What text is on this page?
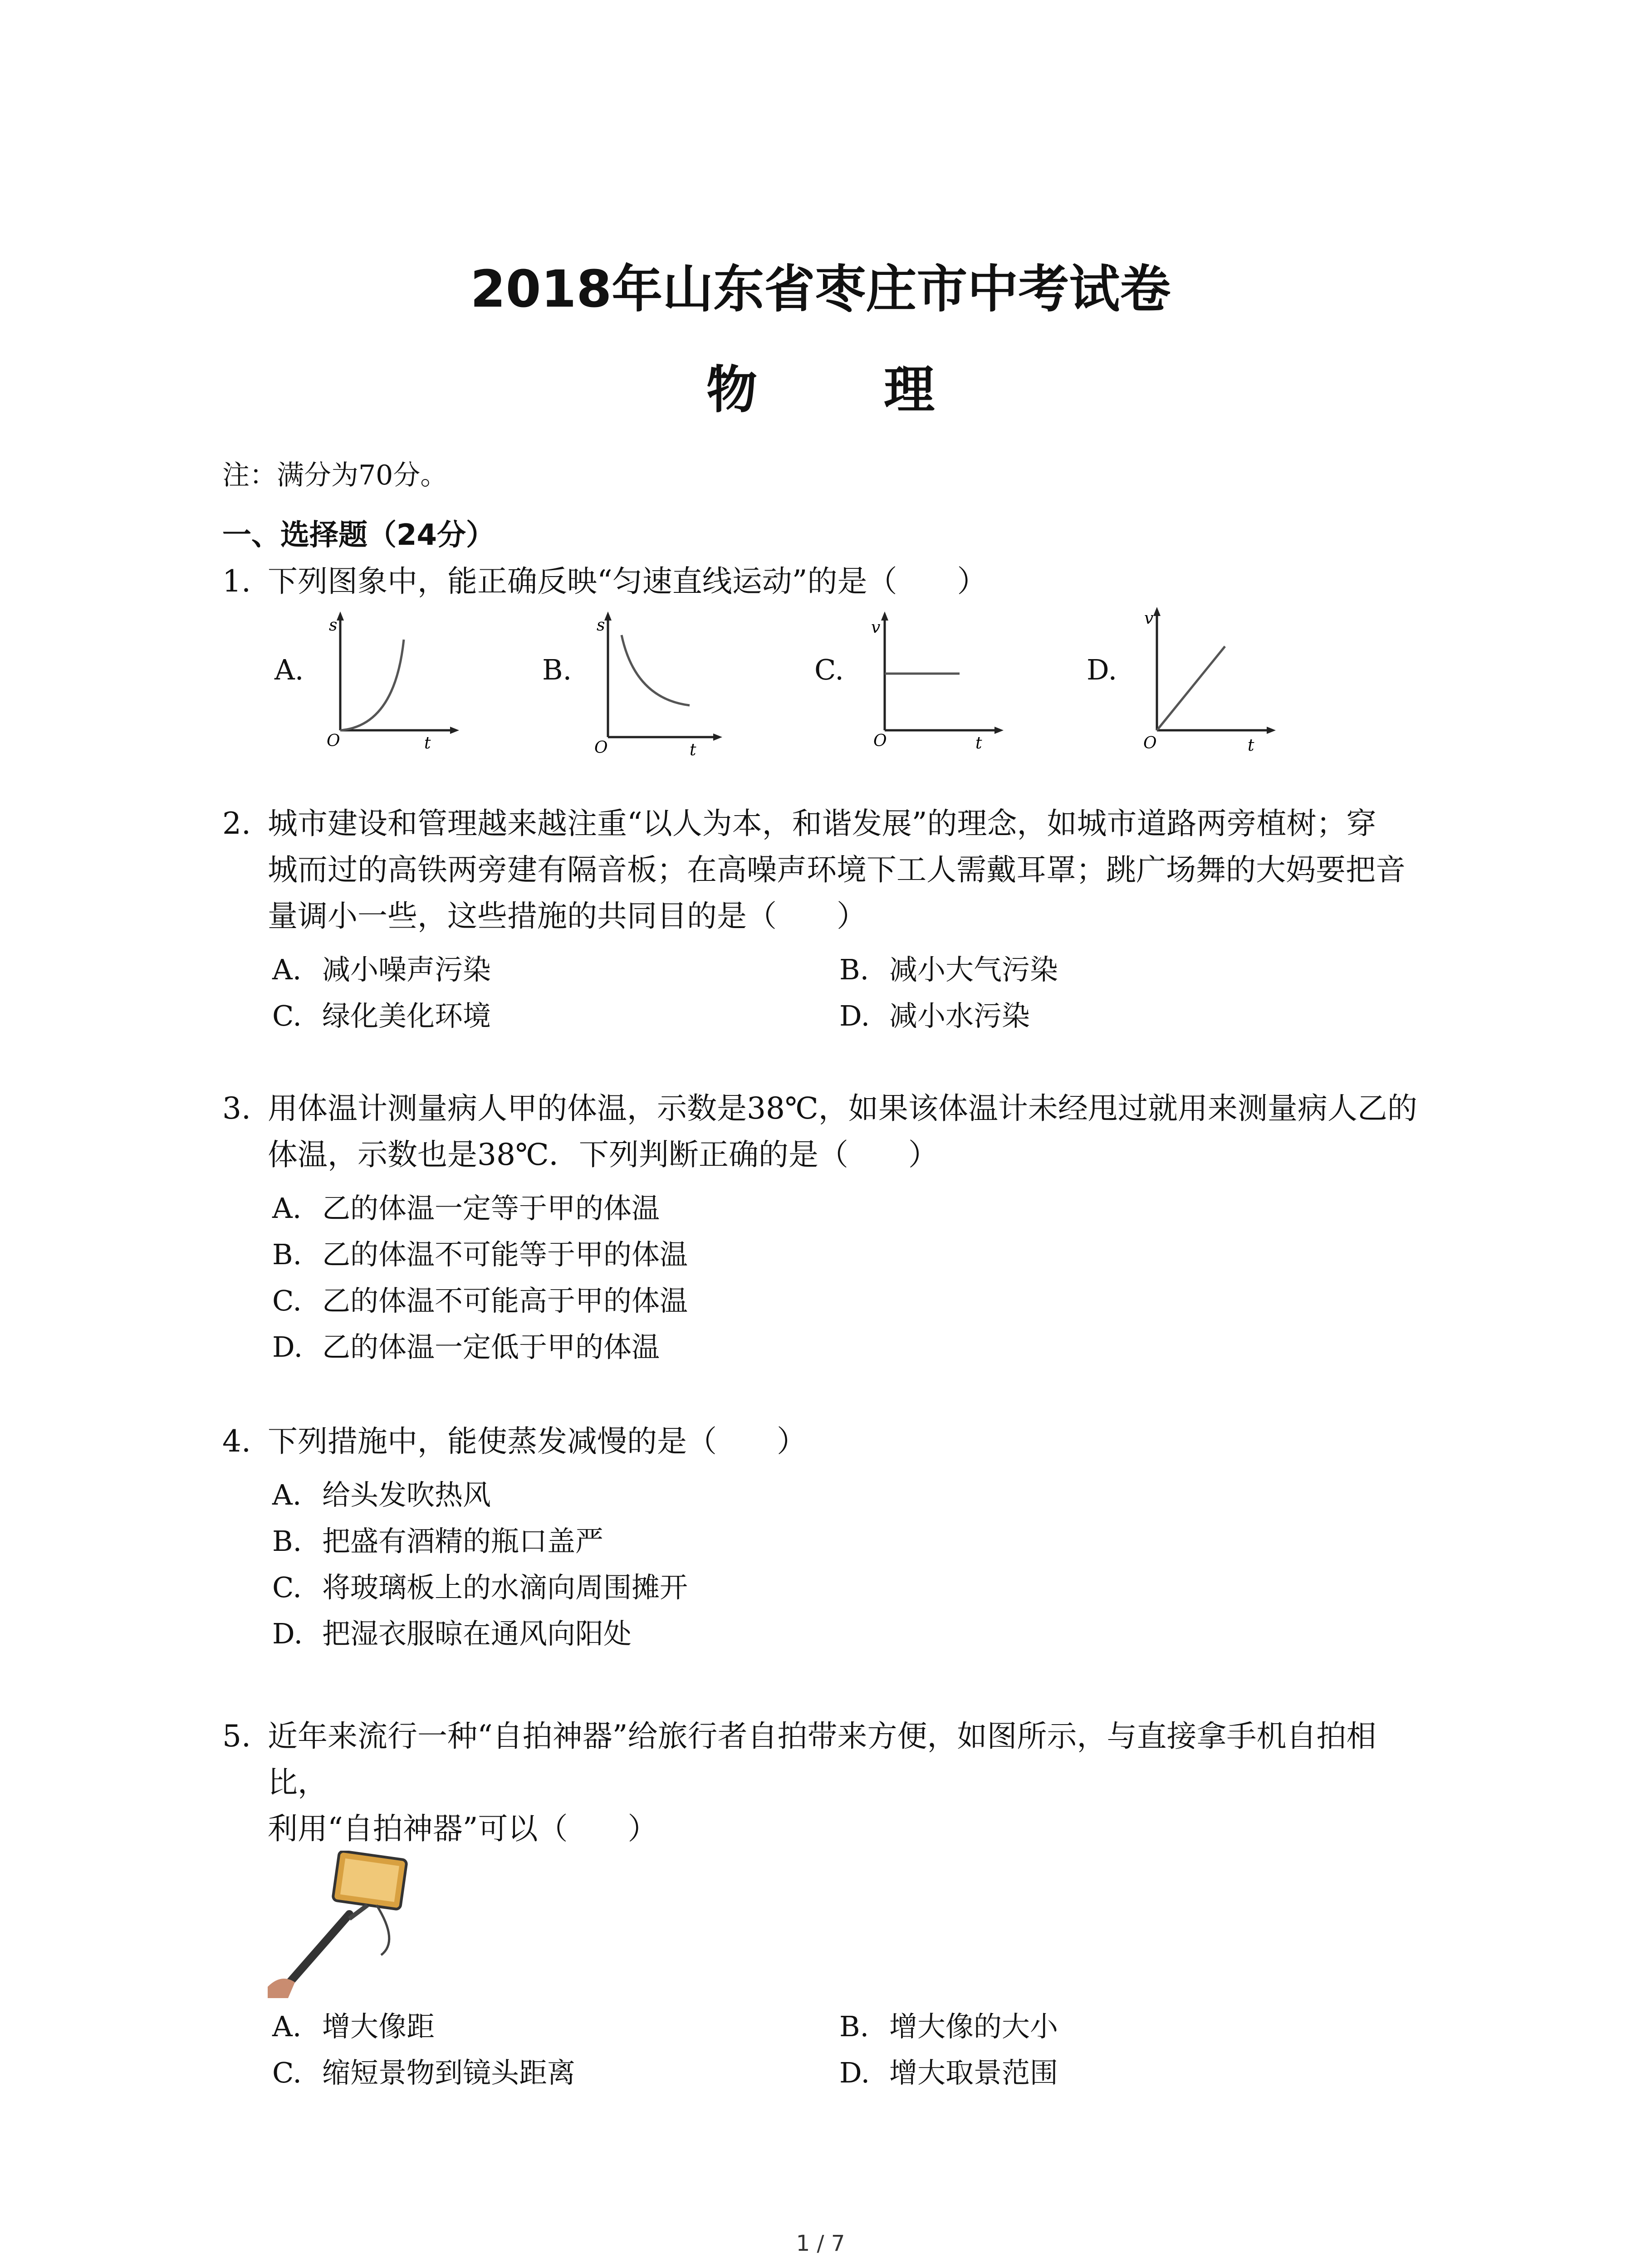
2018年山东省枣庄市中考试卷
物 理
注：满分为70分。
一、选择题（24分）
1. 下列图象中，能正确反映“匀速直线运动”的是（　　）
A.
s
t
O
B.
s
t
O
C.
v
t
O
D.
v
t
O
2. 城市建设和管理越来越注重“以人为本，和谐发展”的理念，如城市道路两旁植树；穿
城而过的高铁两旁建有隔音板；在高噪声环境下工人需戴耳罩；跳广场舞的大妈要把音
量调小一些，这些措施的共同目的是（　　）
A. 减小噪声污染	B. 减小大气污染
C. 绿化美化环境	D. 减小水污染
3. 用体温计测量病人甲的体温，示数是38℃，如果该体温计未经甩过就用来测量病人乙的
体温，示数也是38℃．下列判断正确的是（　　）
A. 乙的体温一定等于甲的体温
B. 乙的体温不可能等于甲的体温
C. 乙的体温不可能高于甲的体温
D. 乙的体温一定低于甲的体温
4. 下列措施中，能使蒸发减慢的是（　　）
A. 给头发吹热风
B. 把盛有酒精的瓶口盖严
C. 将玻璃板上的水滴向周围摊开
D. 把湿衣服晾在通风向阳处
5. 近年来流行一种“自拍神器”给旅行者自拍带来方便，如图所示，与直接拿手机自拍相
比，
利用“自拍神器”可以（　　）
A. 增大像距	B. 增大像的大小
C. 缩短景物到镜头距离	D. 增大取景范围
1 / 7
